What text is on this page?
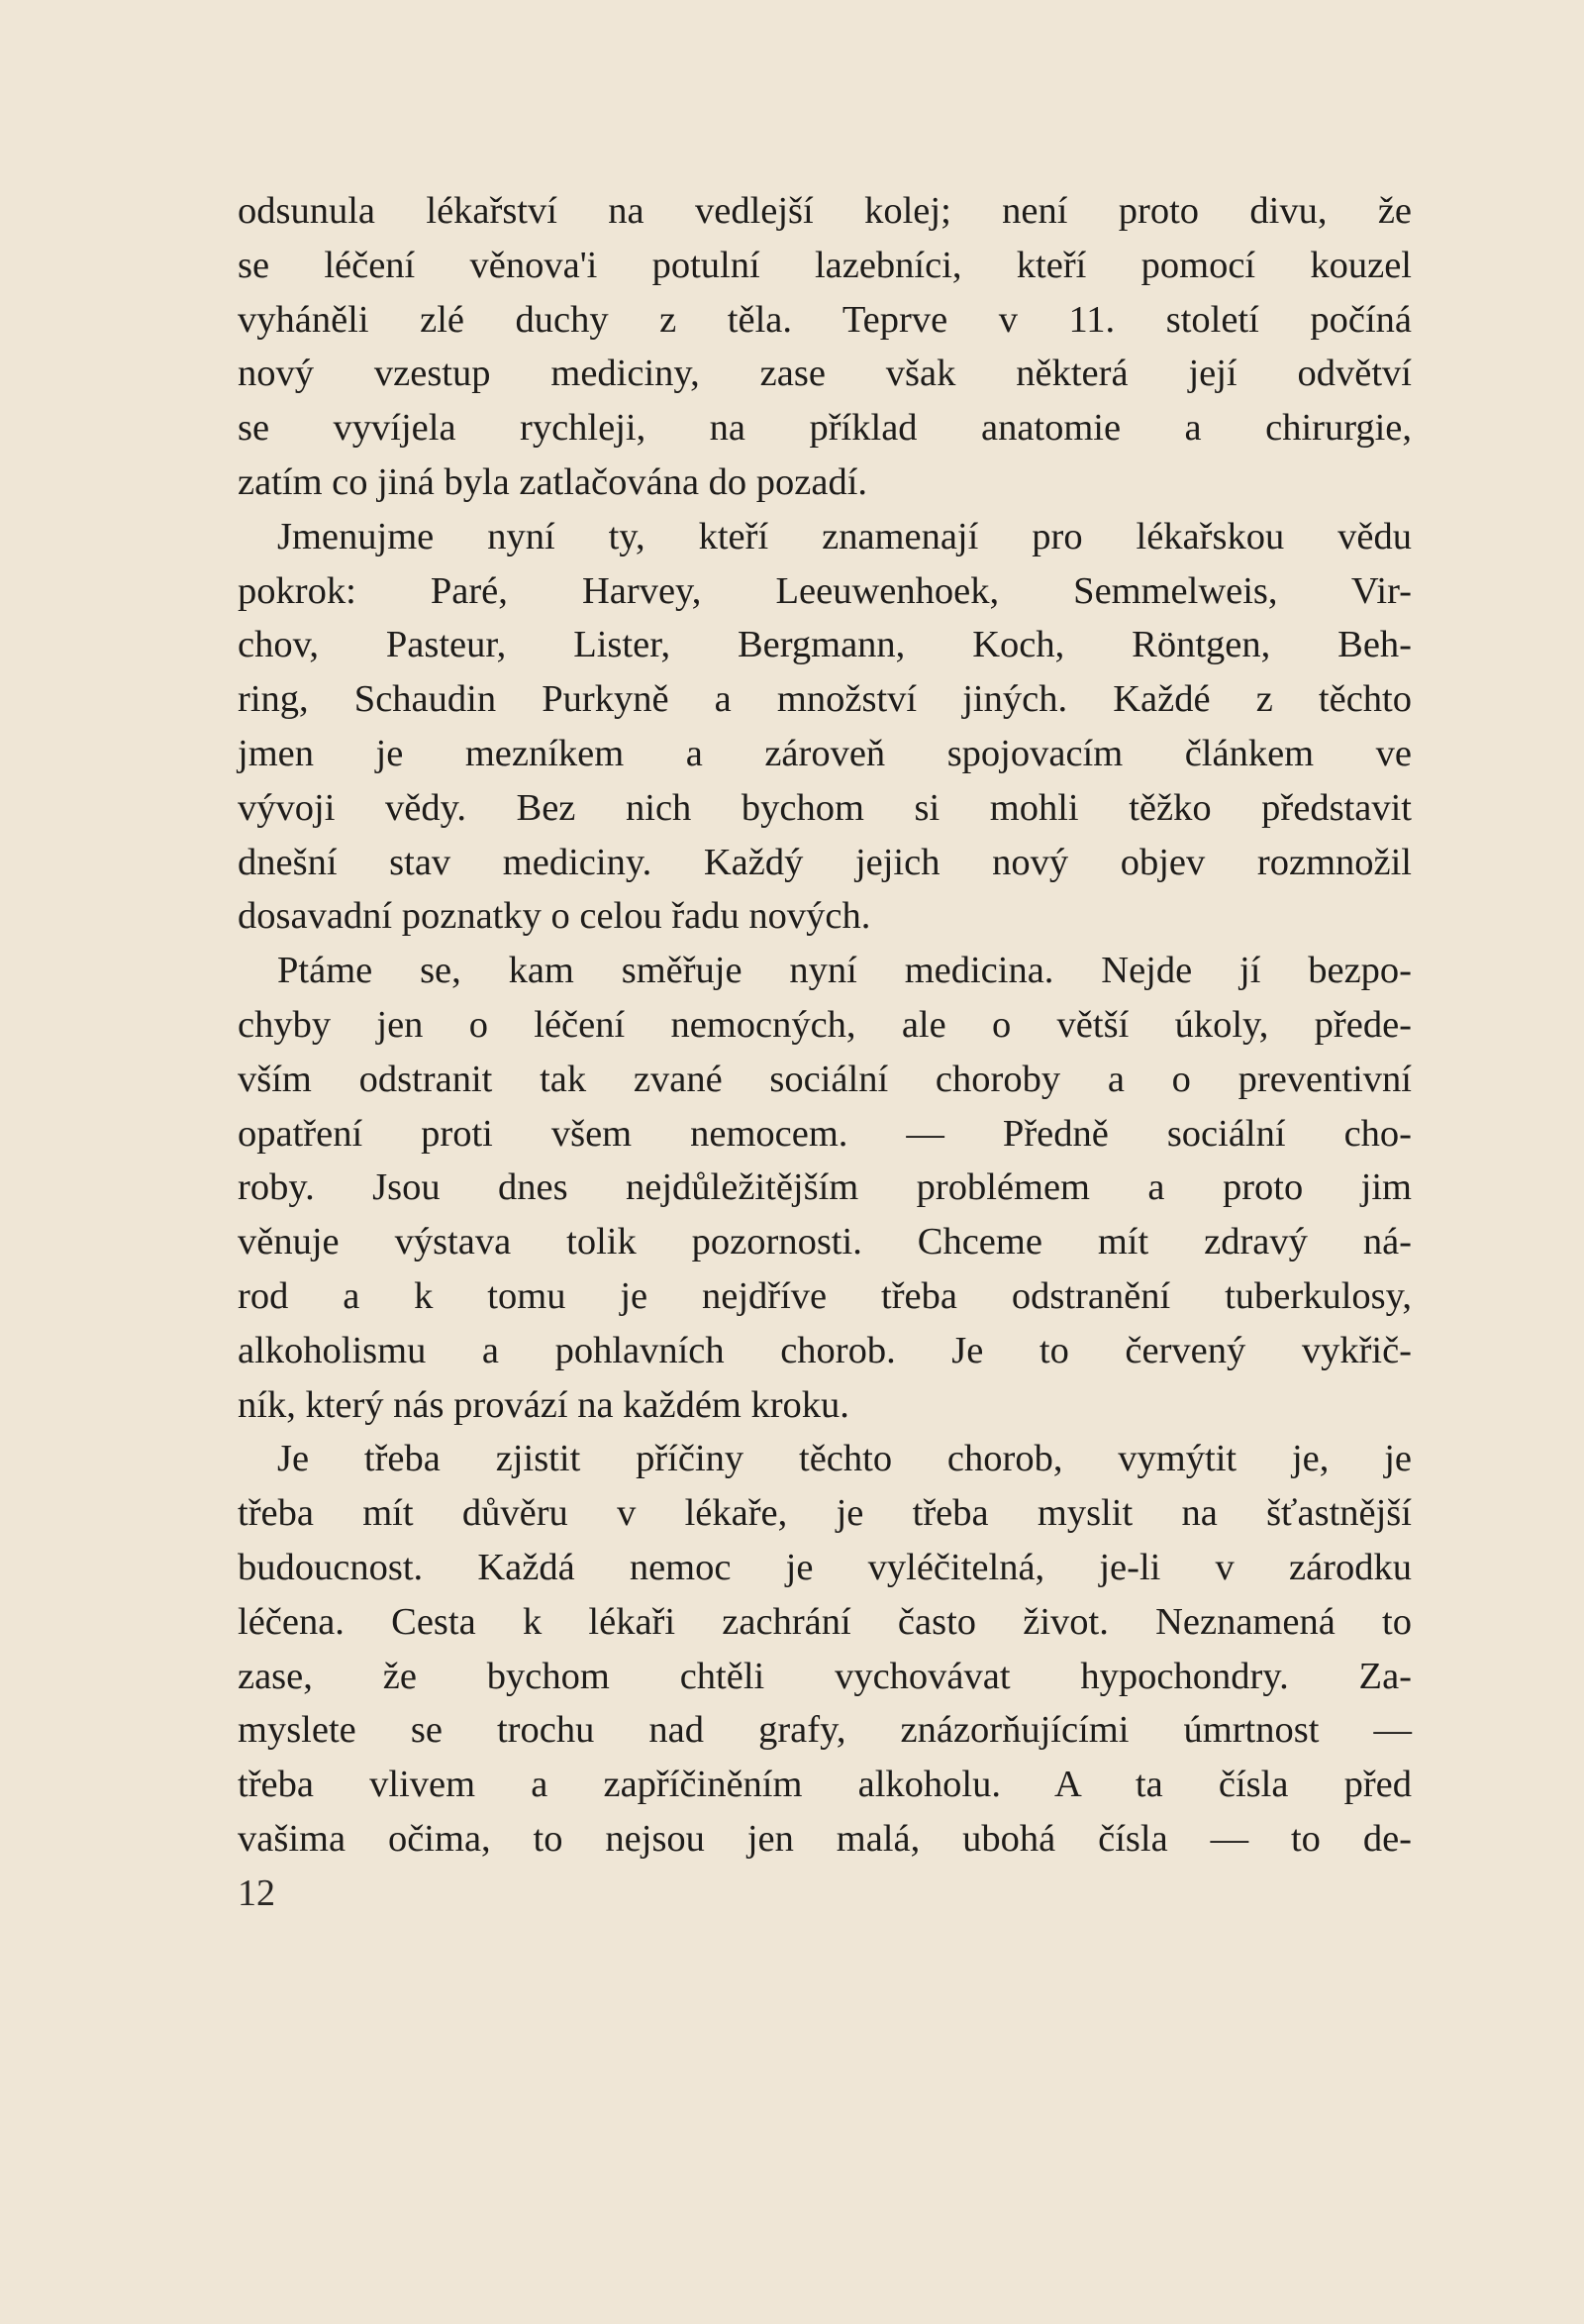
odsunula lékařství na vedlejší kolej; není proto divu, že
se léčení věnova'i potulní lazebníci, kteří pomocí kouzel
vyháněli zlé duchy z těla. Teprve v 11. století počíná
nový vzestup mediciny, zase však některá její odvětví
se vyvíjela rychleji, na příklad anatomie a chirurgie,
zatím co jiná byla zatlačována do pozadí.
Jmenujme nyní ty, kteří znamenají pro lékařskou vědu
pokrok: Paré, Harvey, Leeuwenhoek, Semmelweis, Vir-
chov, Pasteur, Lister, Bergmann, Koch, Röntgen, Beh-
ring, Schaudin Purkyně a množství jiných. Každé z těchto
jmen je mezníkem a zároveň spojovacím článkem ve
vývoji vědy. Bez nich bychom si mohli těžko představit
dnešní stav mediciny. Každý jejich nový objev rozmnožil
dosavadní poznatky o celou řadu nových.
Ptáme se, kam směřuje nyní medicina. Nejde jí bezpo-
chyby jen o léčení nemocných, ale o větší úkoly, přede-
vším odstranit tak zvané sociální choroby a o preventivní
opatření proti všem nemocem. — Předně sociální cho-
roby. Jsou dnes nejdůležitějším problémem a proto jim
věnuje výstava tolik pozornosti. Chceme mít zdravý ná-
rod a k tomu je nejdříve třeba odstranění tuberkulosy,
alkoholismu a pohlavních chorob. Je to červený vykřič-
ník, který nás provází na každém kroku.
Je třeba zjistit příčiny těchto chorob, vymýtit je, je
třeba mít důvěru v lékaře, je třeba myslit na šťastnější
budoucnost. Každá nemoc je vyléčitelná, je-li v zárodku
léčena. Cesta k lékaři zachrání často život. Neznamená to
zase, že bychom chtěli vychovávat hypochondry. Za-
myslete se trochu nad grafy, znázorňujícími úmrtnost —
třeba vlivem a zapříčiněním alkoholu. A ta čísla před
vašima očima, to nejsou jen malá, ubohá čísla — to de-
12
